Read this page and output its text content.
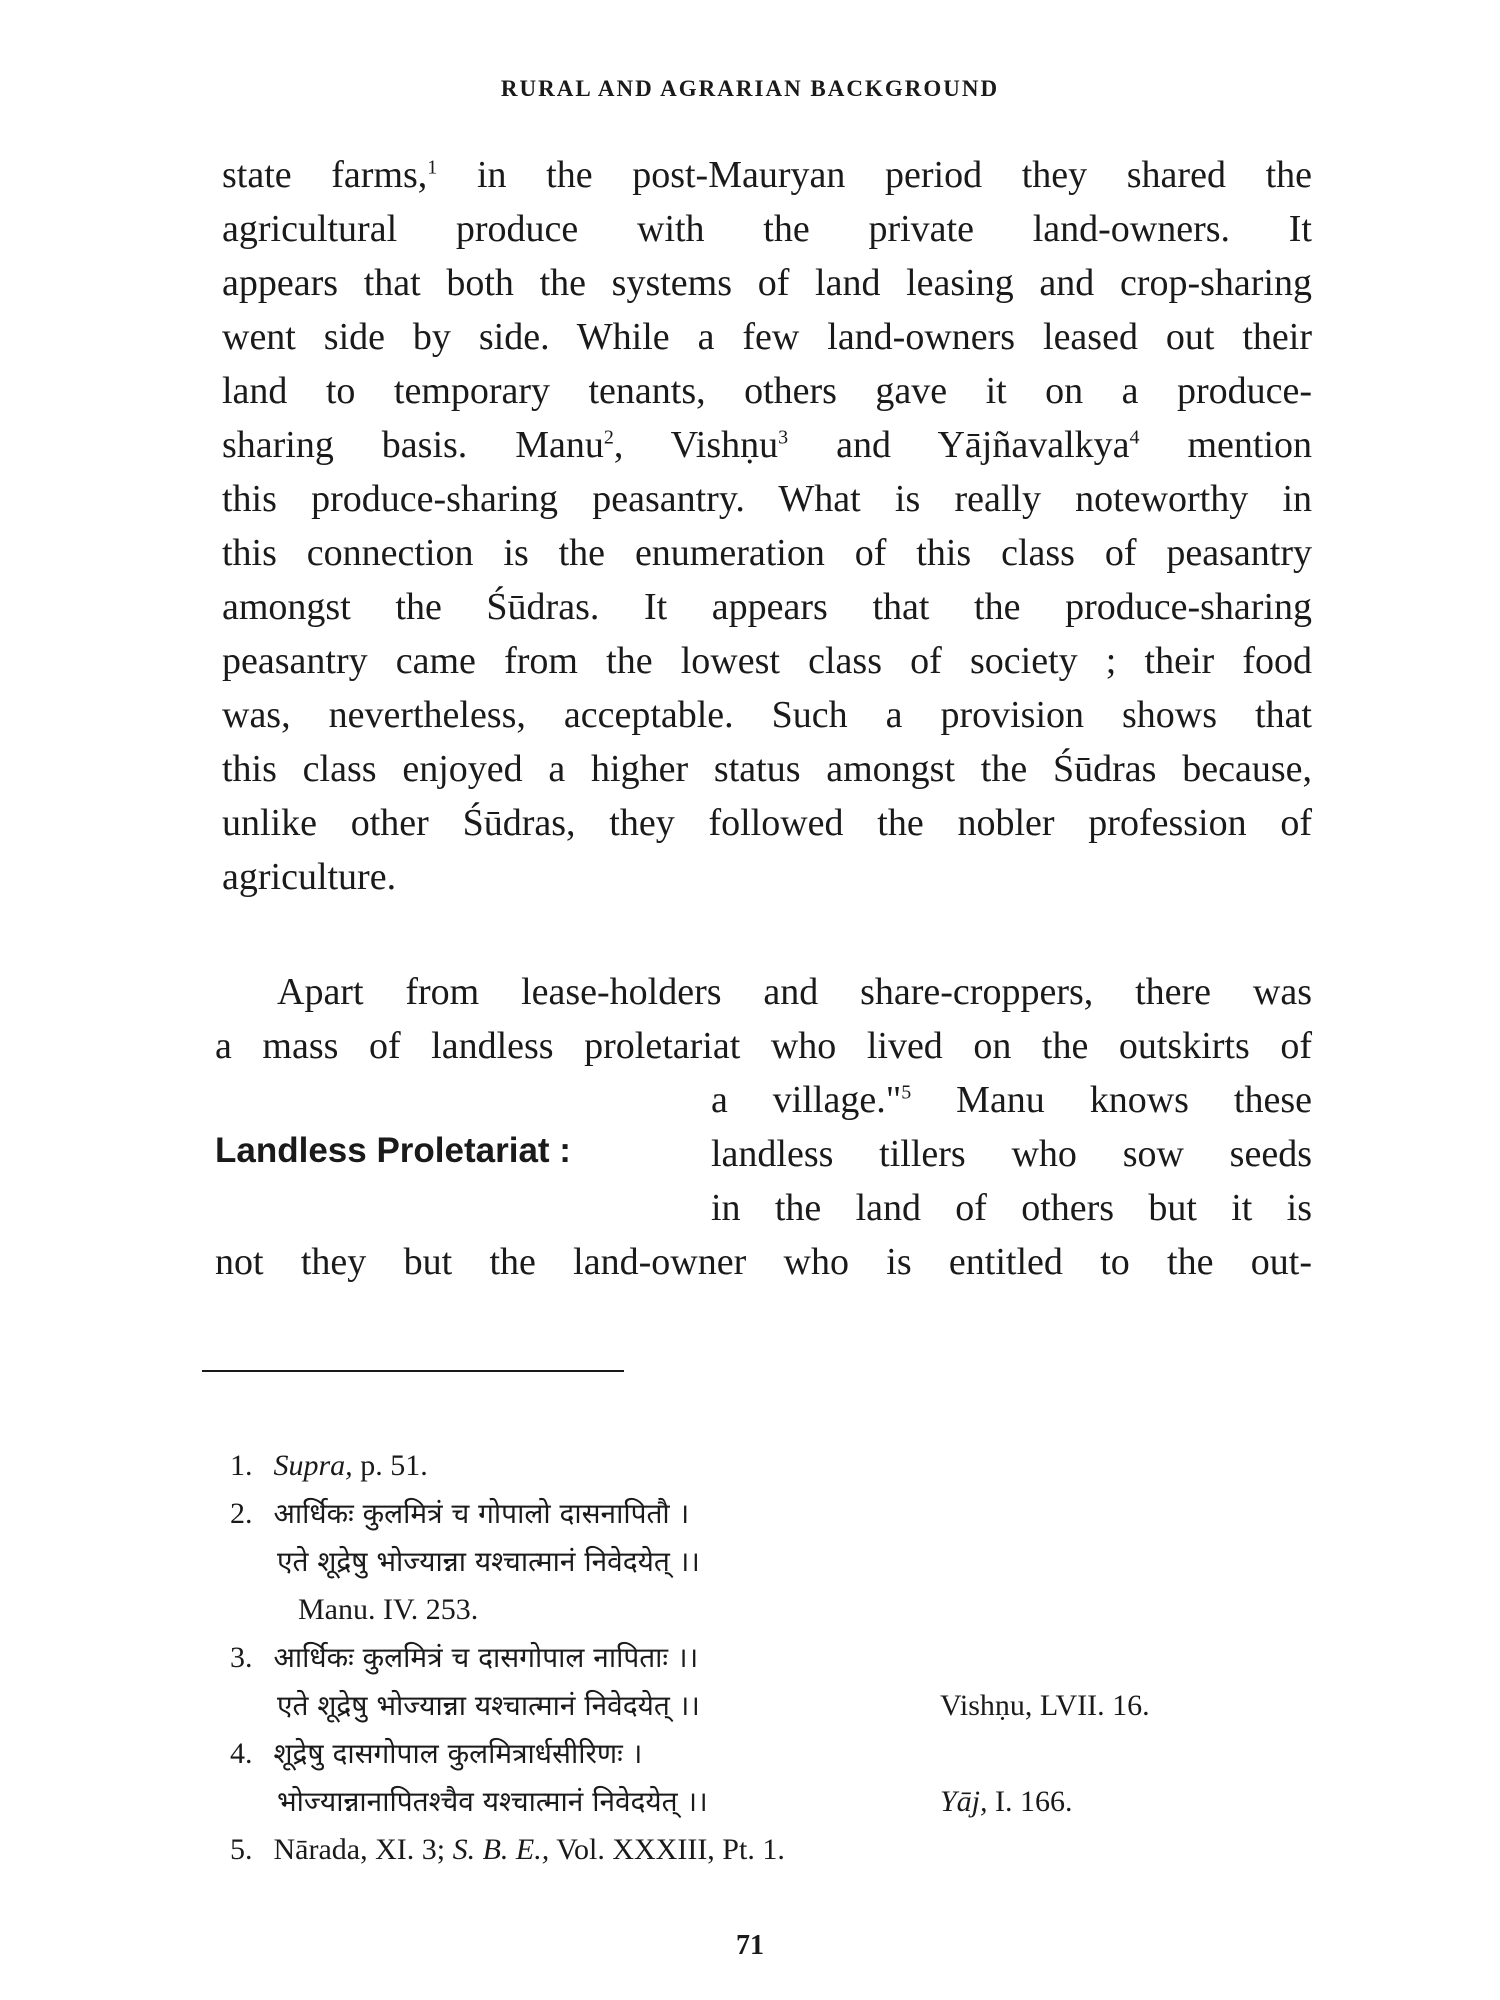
RURAL AND AGRARIAN BACKGROUND
state farms,$^1$ in the post-Mauryan period they shared the
agricultural produce with the private land-owners. It
appears that both the systems of land leasing and crop-sharing
went side by side. While a few land-owners leased out their
land to temporary tenants, others gave it on a produce-
sharing basis. Manu$^2$, Vishṇu$^3$ and Yājñavalkya$^4$ mention
this produce-sharing peasantry. What is really noteworthy in
this connection is the enumeration of this class of peasantry
amongst the Śūdras. It appears that the produce-sharing
peasantry came from the lowest class of society ; their food
was, nevertheless, acceptable. Such a provision shows that
this class enjoyed a higher status amongst the Śūdras because,
unlike other Śūdras, they followed the nobler profession of
agriculture.
Apart from lease-holders and share-croppers, there was
a mass of landless proletariat who lived on the outskirts of
Landless Proletariat :
a village."$^5$ Manu knows these
landless tillers who sow seeds
in the land of others but it is
not they but the land-owner who is entitled to the out-
1. Supra, p. 51.
2. आर्धिकः कुलमित्रं च गोपालो दासनापितौ ।
एते शूद्रेषु भोज्यान्ना यश्चात्मानं निवेदयेत् ।।
Manu. IV. 253.
3. आर्धिकः कुलमित्रं च दासगोपाल नापिताः ।।
एते शूद्रेषु भोज्यान्ना यश्चात्मानं निवेदयेत् ।।	Vishṇu, LVII. 16.
4. शूद्रेषु दासगोपाल कुलमित्रार्धसीरिणः ।
भोज्यान्नानापितश्चैव यश्चात्मानं निवेदयेत् ।।	Yāj, I. 166.
5. Nārada, XI. 3; S. B. E., Vol. XXXIII, Pt. 1.
71
